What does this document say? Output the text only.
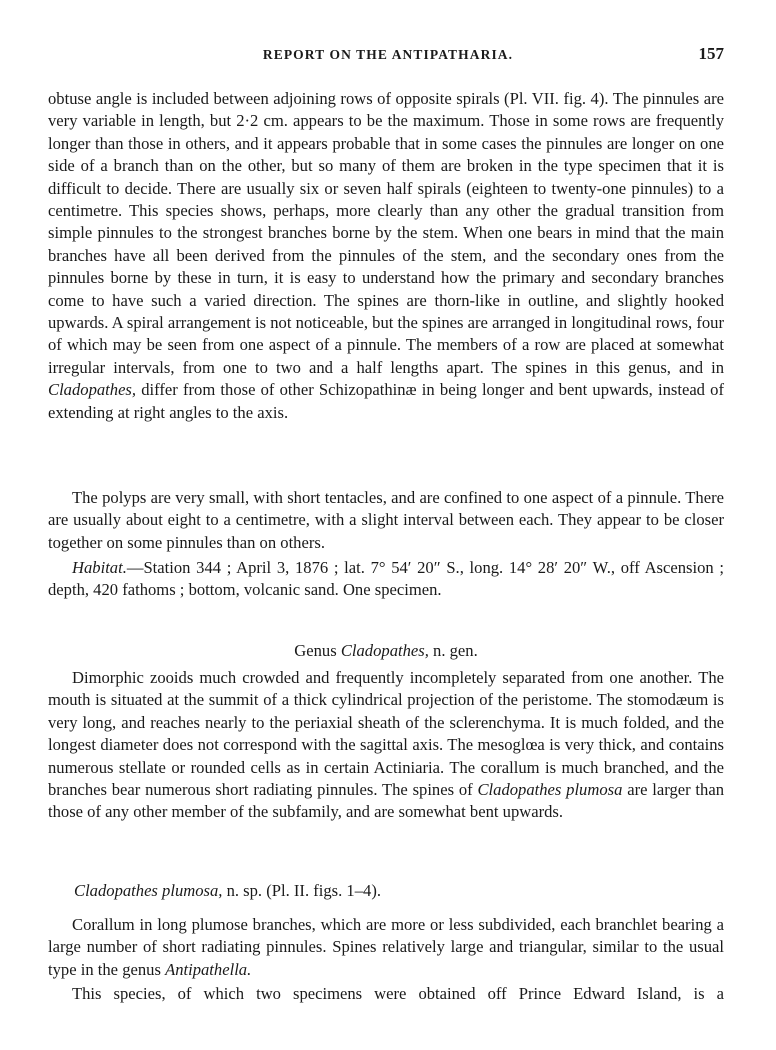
REPORT ON THE ANTIPATHARIA.	157

obtuse angle is included between adjoining rows of opposite spirals (Pl. VII. fig. 4). The pinnules are very variable in length, but 2·2 cm. appears to be the maximum. Those in some rows are frequently longer than those in others, and it appears probable that in some cases the pinnules are longer on one side of a branch than on the other, but so many of them are broken in the type specimen that it is difficult to decide. There are usually six or seven half spirals (eighteen to twenty-one pinnules) to a centimetre. This species shows, perhaps, more clearly than any other the gradual transition from simple pinnules to the strongest branches borne by the stem. When one bears in mind that the main branches have all been derived from the pinnules of the stem, and the secondary ones from the pinnules borne by these in turn, it is easy to understand how the primary and secondary branches come to have such a varied direction. The spines are thorn-like in outline, and slightly hooked upwards. A spiral arrangement is not noticeable, but the spines are arranged in longitudinal rows, four of which may be seen from one aspect of a pinnule. The members of a row are placed at somewhat irregular intervals, from one to two and a half lengths apart. The spines in this genus, and in Cladopathes, differ from those of other Schizopathinæ in being longer and bent upwards, instead of extending at right angles to the axis.

The polyps are very small, with short tentacles, and are confined to one aspect of a pinnule. There are usually about eight to a centimetre, with a slight interval between each. They appear to be closer together on some pinnules than on others.

Habitat.—Station 344 ; April 3, 1876 ; lat. 7° 54′ 20″ S., long. 14° 28′ 20″ W., off Ascension ; depth, 420 fathoms ; bottom, volcanic sand. One specimen.

Genus Cladopathes, n. gen.

Dimorphic zooids much crowded and frequently incompletely separated from one another. The mouth is situated at the summit of a thick cylindrical projection of the peristome. The stomodæum is very long, and reaches nearly to the periaxial sheath of the sclerenchyma. It is much folded, and the longest diameter does not correspond with the sagittal axis. The mesoglœa is very thick, and contains numerous stellate or rounded cells as in certain Actiniaria. The corallum is much branched, and the branches bear numerous short radiating pinnules. The spines of Cladopathes plumosa are larger than those of any other member of the subfamily, and are somewhat bent upwards.

Cladopathes plumosa, n. sp. (Pl. II. figs. 1–4).

Corallum in long plumose branches, which are more or less subdivided, each branchlet bearing a large number of short radiating pinnules. Spines relatively large and triangular, similar to the usual type in the genus Antipathella.

This species, of which two specimens were obtained off Prince Edward Island, is a
